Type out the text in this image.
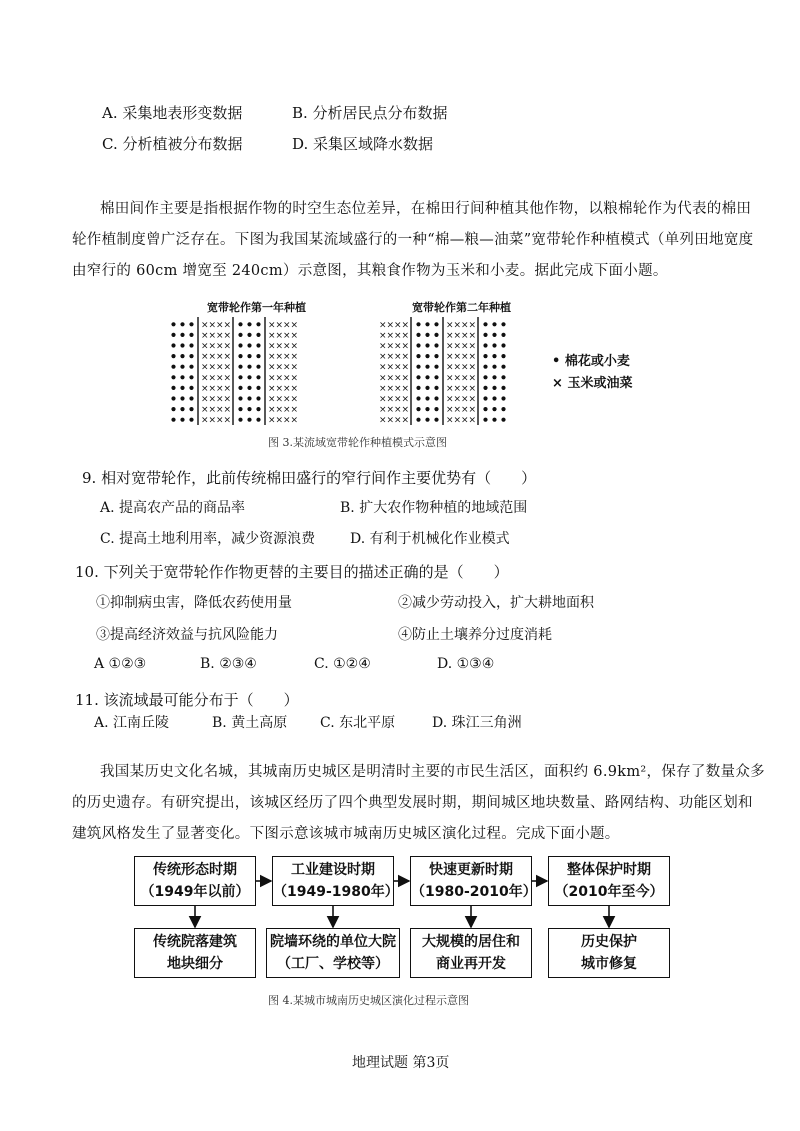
A. 采集地表形变数据	B. 分析居民点分布数据
C. 分析植被分布数据	D. 采集区域降水数据
棉田间作主要是指根据作物的时空生态位差异，在棉田行间种植其他作物，以粮棉轮作为代表的棉田
轮作植制度曾广泛存在。下图为我国某流域盛行的一种“棉—粮—油菜”宽带轮作种植模式（单列田地宽度
由窄行的 60cm 增宽至 240cm）示意图，其粮食作物为玉米和小麦。据此完成下面小题。
宽带轮作第一年种植	宽带轮作第二年种植
× × × ×
× × × ×
× × × ×
× × × ×
× × × ×
× × × ×
× × × ×
× × × ×
× × × ×
× × × ×
× × × ×
× × × ×
× × × ×
× × × ×
× × × ×
× × × ×
× × × ×
× × × ×
× × × ×
× × × ×
× × × ×
× × × ×
× × × ×
× × × ×
× × × ×
× × × ×
× × × ×
× × × ×
× × × ×
× × × ×
× × × ×
× × × ×
× × × ×
× × × ×
× × × ×
× × × ×
× × × ×
× × × ×
× × × ×
× × × ×
• 棉花或小麦
× 玉米或油菜
图 3.某流域宽带轮作种植模式示意图
9. 相对宽带轮作，此前传统棉田盛行的窄行间作主要优势有（　　）
A. 提高农产品的商品率	B. 扩大农作物种植的地域范围
C. 提高土地利用率，减少资源浪费 D. 有利于机械化作业模式
10. 下列关于宽带轮作作物更替的主要目的描述正确的是（　　）
①抑制病虫害，降低农药使用量	②减少劳动投入，扩大耕地面积
③提高经济效益与抗风险能力	④防止土壤养分过度消耗
A ①②③	B. ②③④	C. ①②④	D. ①③④
11. 该流域最可能分布于（　　）
A. 江南丘陵	B. 黄土高原 C. 东北平原	D. 珠江三角洲
我国某历史文化名城，其城南历史城区是明清时主要的市民生活区，面积约 6.9km²，保存了数量众多
的历史遗存。有研究提出，该城区经历了四个典型发展时期，期间城区地块数量、路网结构、功能区划和
建筑风格发生了显著变化。下图示意该城市城南历史城区演化过程。完成下面小题。
传统形态时期
（1949年以前）
工业建设时期
（1949-1980年）
快速更新时期
（1980-2010年）
整体保护时期
（2010年至今）
传统院落建筑
地块细分
院墙环绕的单位大院
（工厂、学校等）
大规模的居住和
商业再开发
历史保护
城市修复
图 4.某城市城南历史城区演化过程示意图
地理试题 第3页
